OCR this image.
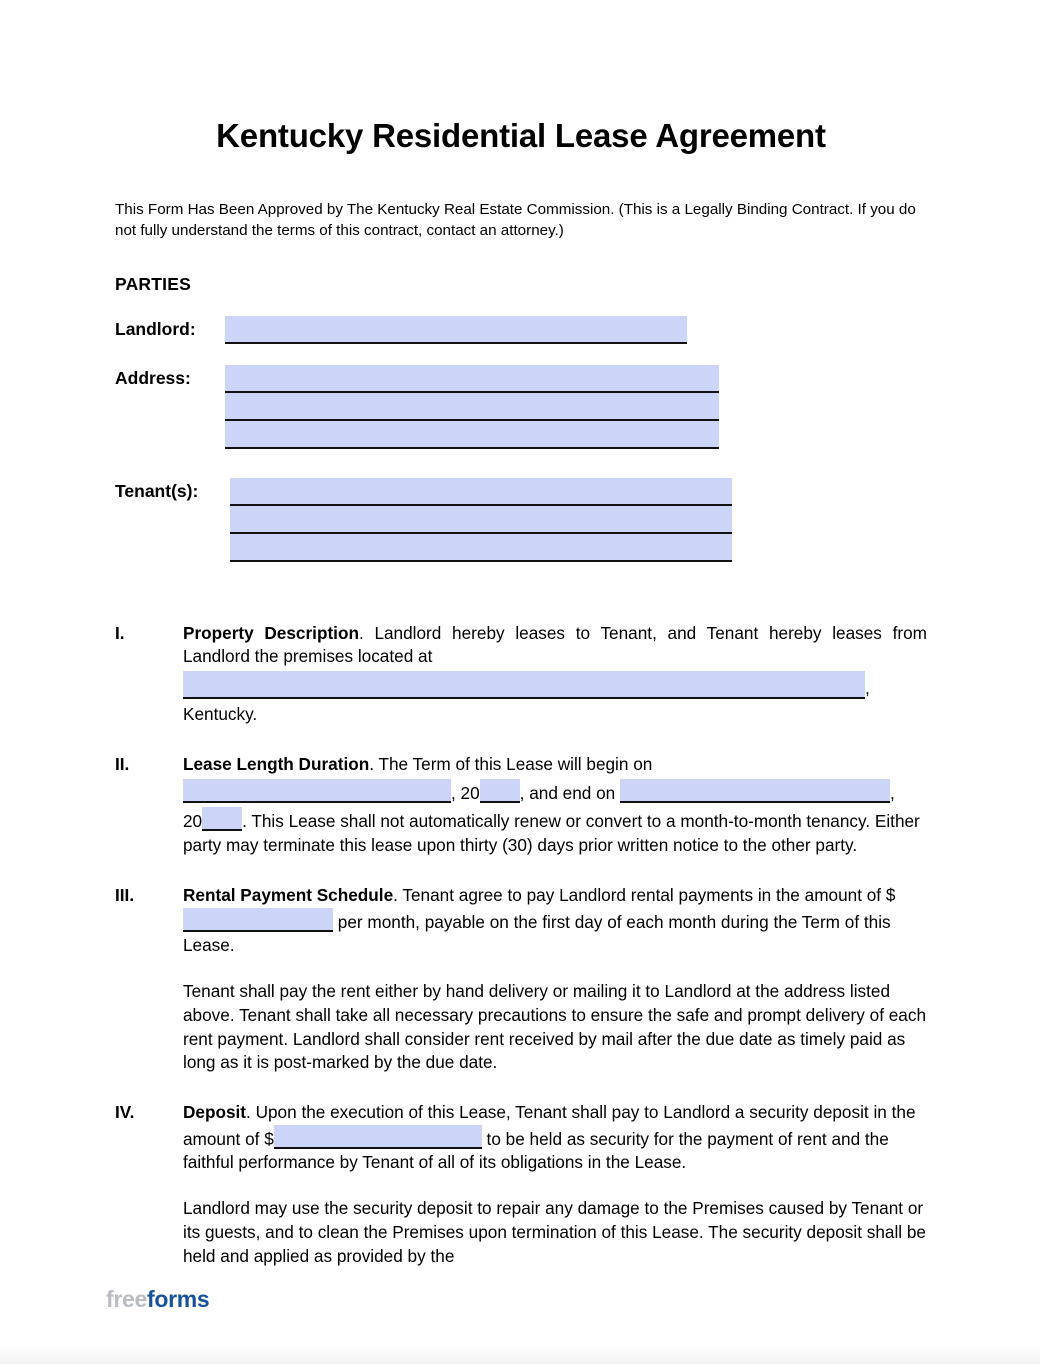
Kentucky Residential Lease Agreement
This Form Has Been Approved by The Kentucky Real Estate Commission. (This is a Legally Binding Contract. If you do not fully understand the terms of this contract, contact an attorney.)
PARTIES
Landlord:
Address:
Tenant(s):
I.	Property Description. Landlord hereby leases to Tenant, and Tenant hereby leases from Landlord the premises located at

,

Kentucky.

II.	Lease Length Duration. The Term of this Lease will begin on

, 20 , and end on	,

20 . This Lease shall not automatically renew or convert to a month-to-month tenancy. Either party may terminate this lease upon thirty (30) days prior written notice to the other party.

III.	Rental Payment Schedule. Tenant agree to pay Landlord rental payments in the amount of $ per month, payable on the first day of each month during the Term of this Lease.

Tenant shall pay the rent either by hand delivery or mailing it to Landlord at the address listed above. Tenant shall take all necessary precautions to ensure the safe and prompt delivery of each rent payment. Landlord shall consider rent received by mail after the due date as timely paid as long as it is post-marked by the due date.

IV.	Deposit. Upon the execution of this Lease, Tenant shall pay to Landlord a security deposit in the amount of $	to be held as security for the payment of rent and the faithful performance by Tenant of all of its obligations in the Lease.

Landlord may use the security deposit to repair any damage to the Premises caused by Tenant or its guests, and to clean the Premises upon termination of this Lease. The security deposit shall be held and applied as provided by the

freeforms
